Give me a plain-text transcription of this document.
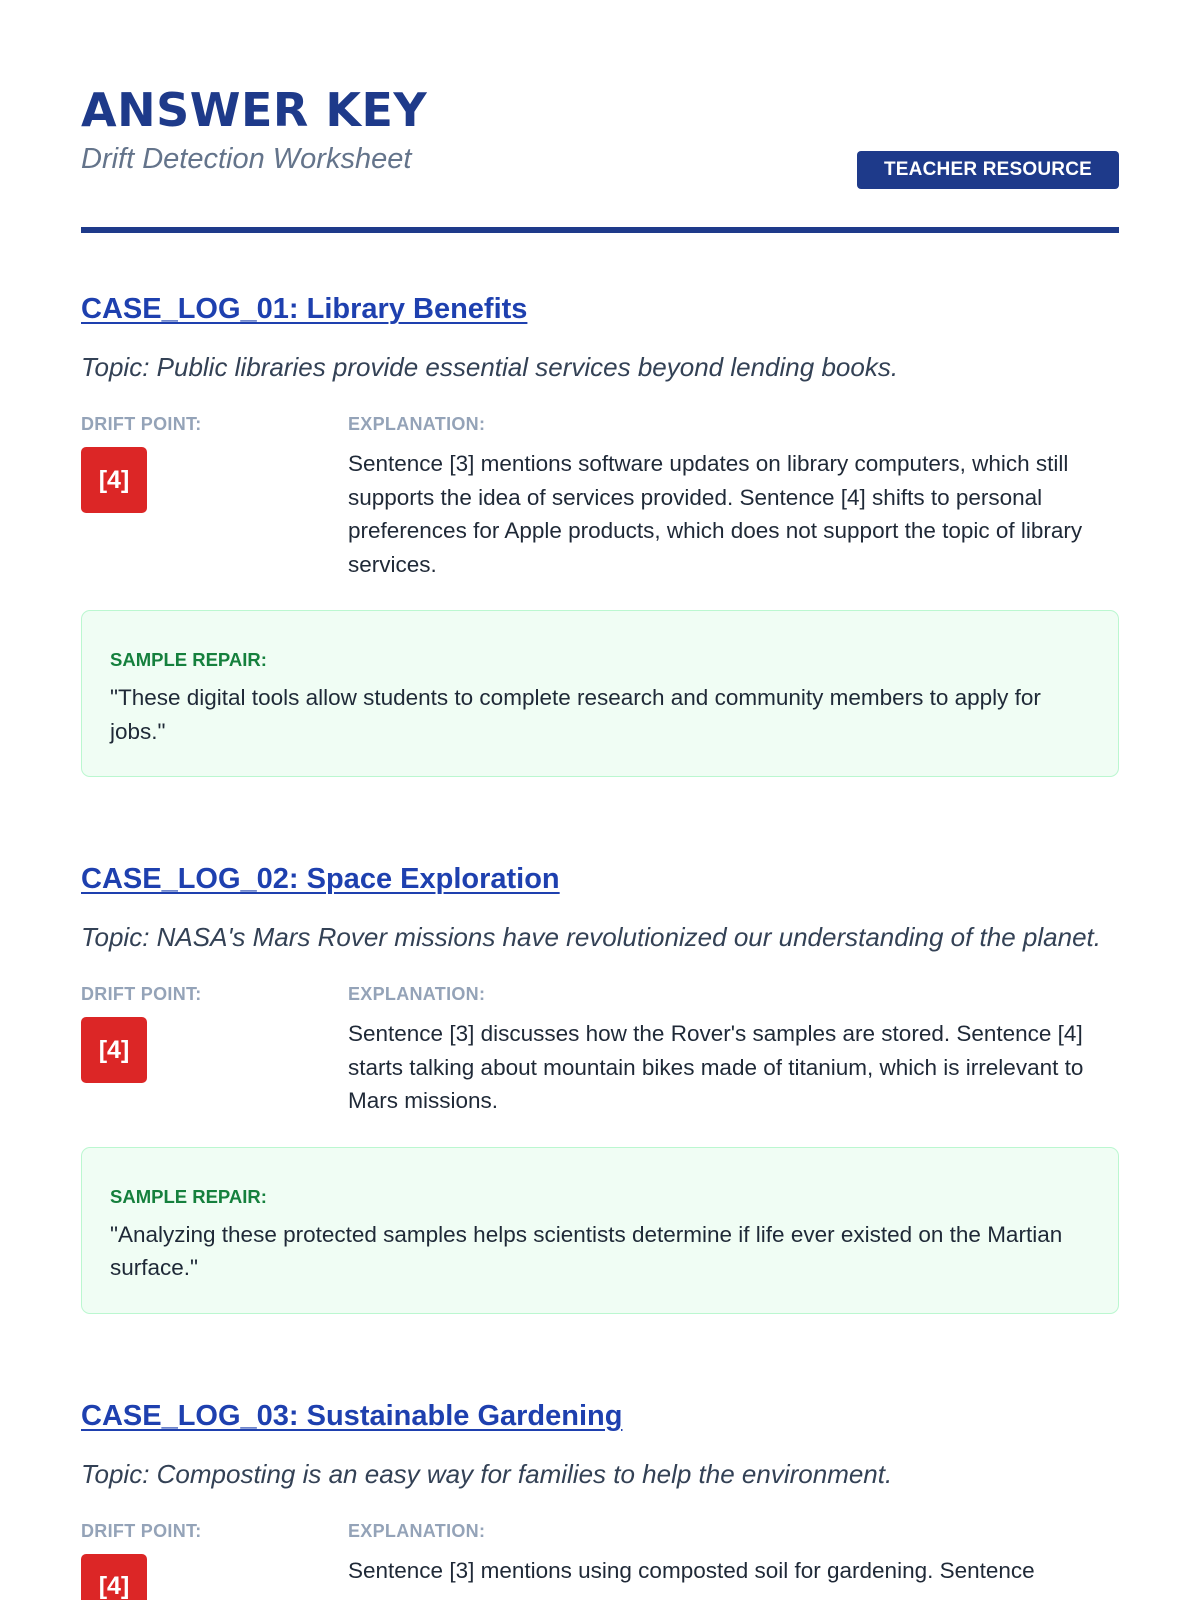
ANSWER KEY
Drift Detection Worksheet	TEACHER RESOURCE
CASE_LOG_01: Library Benefits

Topic: Public libraries provide essential services beyond lending books.

DRIFT POINT:
[4]
EXPLANATION:

Sentence [3] mentions software updates on library computers, which still supports the idea of services provided. Sentence [4] shifts to personal preferences for Apple products, which does not support the topic of library services.

SAMPLE REPAIR:

"These digital tools allow students to complete research and community members to apply for jobs."

CASE_LOG_02: Space Exploration

Topic: NASA's Mars Rover missions have revolutionized our understanding of the planet.

DRIFT POINT:
[4]
EXPLANATION:

Sentence [3] discusses how the Rover's samples are stored. Sentence [4] starts talking about mountain bikes made of titanium, which is irrelevant to Mars missions.

SAMPLE REPAIR:

"Analyzing these protected samples helps scientists determine if life ever existed on the Martian surface."

CASE_LOG_03: Sustainable Gardening

Topic: Composting is an easy way for families to help the environment.

DRIFT POINT:
[4]
EXPLANATION:

Sentence [3] mentions using composted soil for gardening. Sentence
